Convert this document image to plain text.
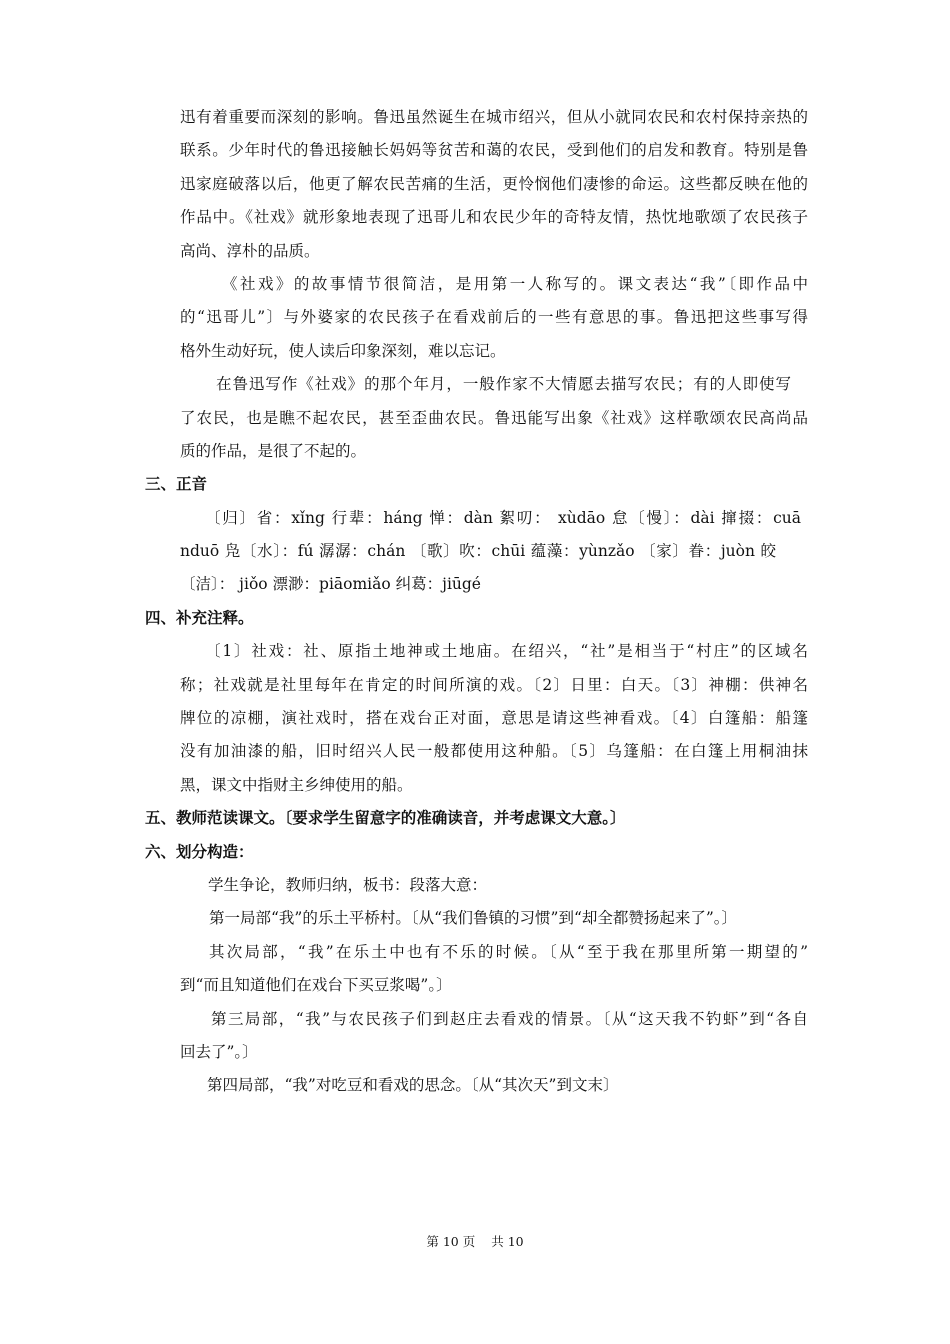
迅有着重要而深刻的影响。鲁迅虽然诞生在城市绍兴，但从小就同农民和农村保持亲热的
联系。少年时代的鲁迅接触长妈妈等贫苦和蔼的农民，受到他们的启发和教育。特别是鲁
迅家庭破落以后，他更了解农民苦痛的生活，更怜悯他们凄惨的命运。这些都反映在他的
作品中。《社戏》就形象地表现了迅哥儿和农民少年的奇特友情，热忱地歌颂了农民孩子
高尚、淳朴的品质。
《社戏》的故事情节很简洁，是用第一人称写的。课文表达“我”〔即作品中
的“迅哥儿”〕与外婆家的农民孩子在看戏前后的一些有意思的事。鲁迅把这些事写得
格外生动好玩，使人读后印象深刻，难以忘记。
在鲁迅写作《社戏》的那个年月，一般作家不大情愿去描写农民；有的人即使写
了农民，也是瞧不起农民，甚至歪曲农民。鲁迅能写出象《社戏》这样歌颂农民高尚品
质的作品，是很了不起的。
三、正音
〔归〕省：xǐng 行辈：háng 惮：dàn 絮叨： xùdāo 怠〔慢〕：dài 撺掇：cuā
nduō 凫〔水〕：fú 潺潺：chán 〔歌〕吹：chūi 蕴藻：yùnzǎo 〔家〕眷：juòn 皎
〔洁〕： jiǒo 漂渺：piāomiǎo 纠葛：jiūgé
四、补充注释。
〔1〕社戏：社、原指土地神或土地庙。在绍兴，“社”是相当于“村庄”的区域名
称；社戏就是社里每年在肯定的时间所演的戏。〔2〕日里：白天。〔3〕神棚：供神名
牌位的凉棚，演社戏时，搭在戏台正对面，意思是请这些神看戏。〔4〕白篷船：船篷
没有加油漆的船，旧时绍兴人民一般都使用这种船。〔5〕乌篷船：在白篷上用桐油抹
黑，课文中指财主乡绅使用的船。
五、教师范读课文。〔要求学生留意字的准确读音，并考虑课文大意。〕
六、划分构造：
学生争论，教师归纳，板书：段落大意：
第一局部“我”的乐土平桥村。〔从“我们鲁镇的习惯”到“却全都赞扬起来了”。〕
其次局部，“我”在乐土中也有不乐的时候。〔从“至于我在那里所第一期望的”
到“而且知道他们在戏台下买豆浆喝”。〕
第三局部，“我”与农民孩子们到赵庄去看戏的情景。〔从“这天我不钓虾”到“各自
回去了”。〕
第四局部，“我”对吃豆和看戏的思念。〔从“其次天”到文末〕
第 10 页 共 10
